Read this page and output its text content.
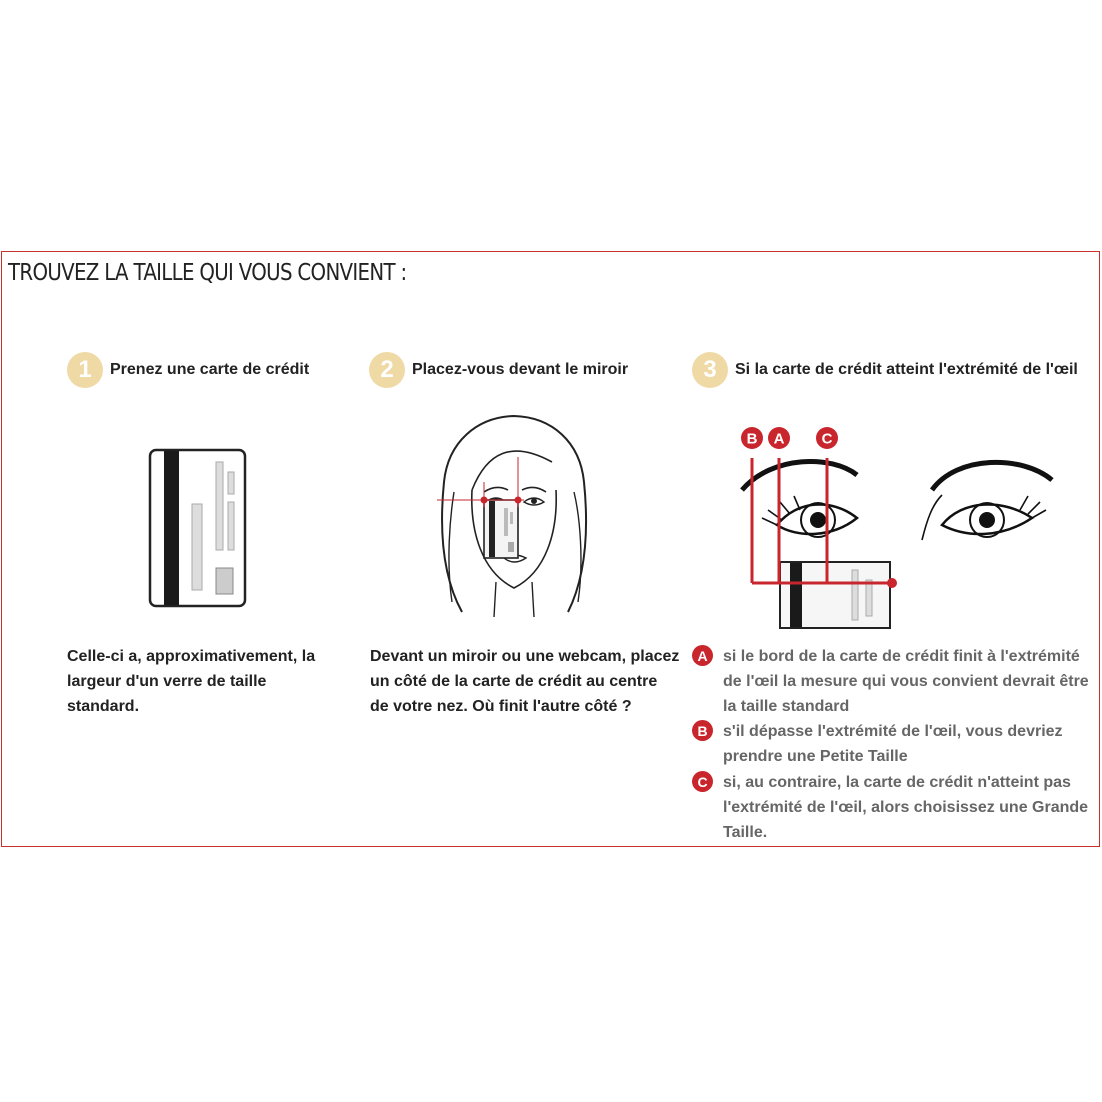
TROUVEZ LA TAILLE QUI VOUS CONVIENT :
1	Prenez une carte de crédit

Celle-ci a, approximativement, la largeur d'un verre de taille standard.

2	Placez-vous devant le miroir

Devant un miroir ou une webcam, placez un côté de la carte de crédit au centre de votre nez. Où finit l'autre côté ?

3	Si la carte de crédit atteint l'extrémité de l'œil
B A C
A si le bord de la carte de crédit finit à l'extrémité de l'œil la mesure qui vous convient devrait être la taille standard
B s'il dépasse l'extrémité de l'œil, vous devriez prendre une Petite Taille
C si, au contraire, la carte de crédit n'atteint pas l'extrémité de l'œil, alors choisissez une Grande Taille.
